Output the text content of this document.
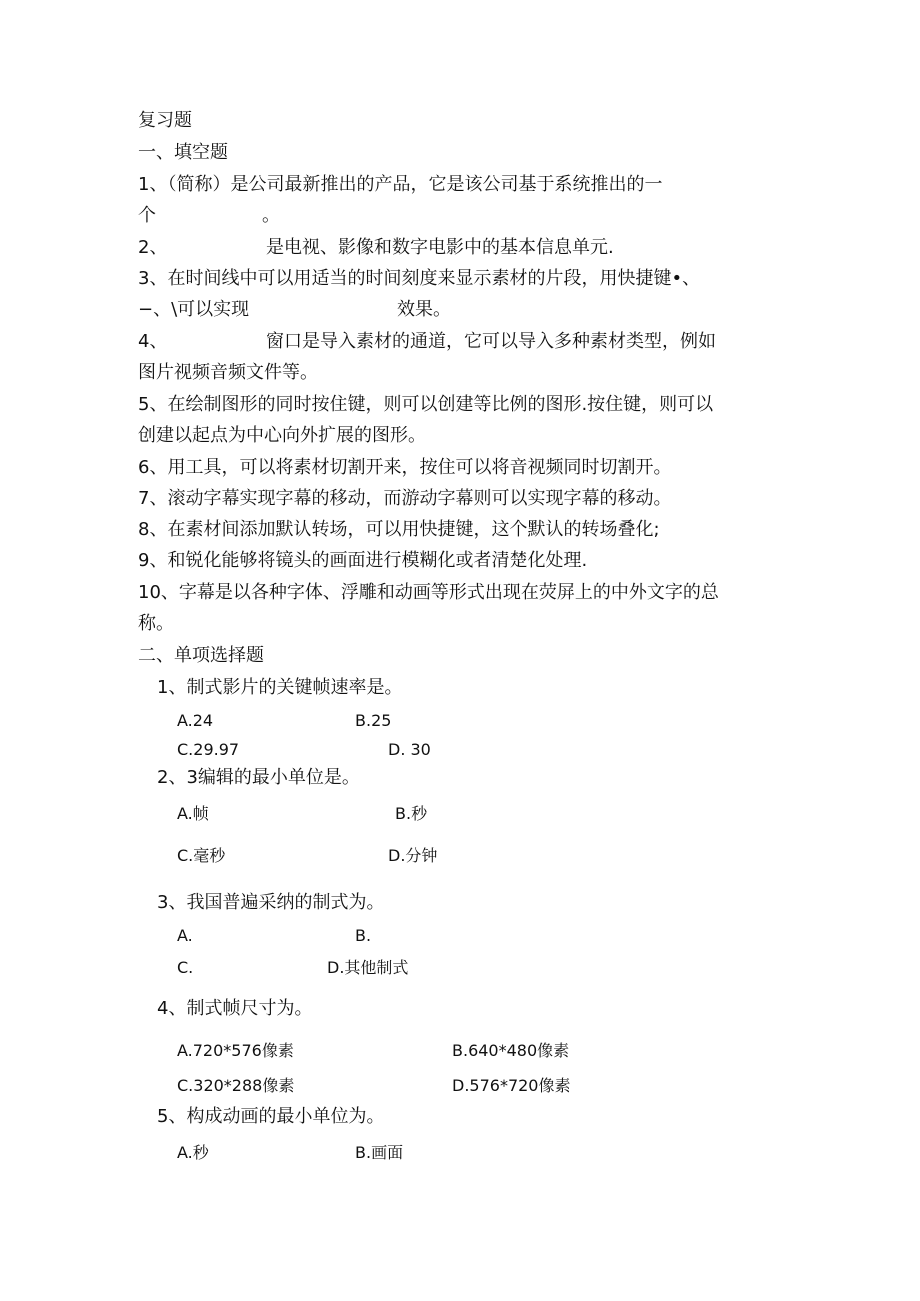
复习题
一、填空题
1、（简称）是公司最新推出的产品，它是该公司基于系统推出的一
个	。
2、	是电视、影像和数字电影中的基本信息单元.
3、在时间线中可以用适当的时间刻度来显示素材的片段，用快捷键•、
−、\可以实现	效果。
4、	窗口是导入素材的通道，它可以导入多种素材类型，例如
图片视频音频文件等。
5、在绘制图形的同时按住键，则可以创建等比例的图形.按住键，则可以
创建以起点为中心向外扩展的图形。
6、用工具，可以将素材切割开来，按住可以将音视频同时切割开。
7、滚动字幕实现字幕的移动，而游动字幕则可以实现字幕的移动。
8、在素材间添加默认转场，可以用快捷键，这个默认的转场叠化;
9、和锐化能够将镜头的画面进行模糊化或者清楚化处理.
10、字幕是以各种字体、浮雕和动画等形式出现在荧屏上的中外文字的总
称。
二、单项选择题
1、制式影片的关键帧速率是。
A.24	B.25
C.29.97	D. 30
2、3编辑的最小单位是。
A.帧	B.秒
C.毫秒	D.分钟
3、我国普遍采纳的制式为。
A.	B.
C.	D.其他制式
4、制式帧尺寸为。
A.720*576像素	B.640*480像素
C.320*288像素	D.576*720像素
5、构成动画的最小单位为。
A.秒	B.画面
